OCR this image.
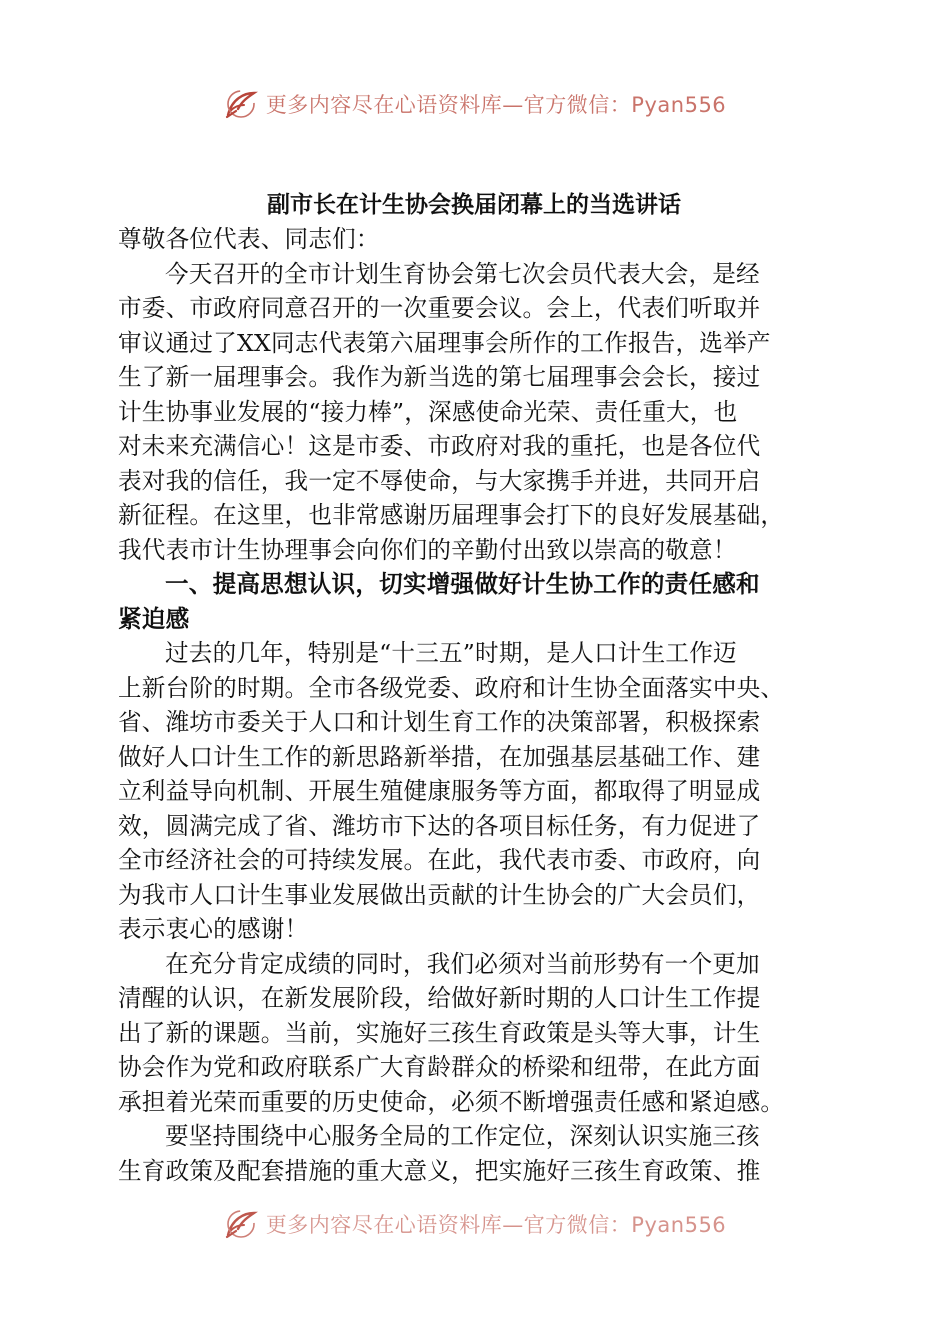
更多内容尽在心语资料库—官方微信：Pyan556
副市长在计生协会换届闭幕上的当选讲话

尊敬各位代表、同志们：

今天召开的全市计划生育协会第七次会员代表大会，是经

市委、市政府同意召开的一次重要会议。会上，代表们听取并

审议通过了XX同志代表第六届理事会所作的工作报告，选举产

生了新一届理事会。我作为新当选的第七届理事会会长，接过

计生协事业发展的“接力棒”，深感使命光荣、责任重大，也

对未来充满信心！这是市委、市政府对我的重托，也是各位代

表对我的信任，我一定不辱使命，与大家携手并进，共同开启

新征程。在这里，也非常感谢历届理事会打下的良好发展基础，

我代表市计生协理事会向你们的辛勤付出致以崇高的敬意！

一、提高思想认识，切实增强做好计生协工作的责任感和

紧迫感

过去的几年，特别是“十三五”时期，是人口计生工作迈

上新台阶的时期。全市各级党委、政府和计生协全面落实中央、

省、潍坊市委关于人口和计划生育工作的决策部署，积极探索

做好人口计生工作的新思路新举措，在加强基层基础工作、建

立利益导向机制、开展生殖健康服务等方面，都取得了明显成

效，圆满完成了省、潍坊市下达的各项目标任务，有力促进了

全市经济社会的可持续发展。在此，我代表市委、市政府，向

为我市人口计生事业发展做出贡献的计生协会的广大会员们，

表示衷心的感谢！

在充分肯定成绩的同时，我们必须对当前形势有一个更加

清醒的认识，在新发展阶段，给做好新时期的人口计生工作提

出了新的课题。当前，实施好三孩生育政策是头等大事，计生

协会作为党和政府联系广大育龄群众的桥梁和纽带，在此方面

承担着光荣而重要的历史使命，必须不断增强责任感和紧迫感。

要坚持围绕中心服务全局的工作定位，深刻认识实施三孩

生育政策及配套措施的重大意义，把实施好三孩生育政策、推

更多内容尽在心语资料库—官方微信：Pyan556
